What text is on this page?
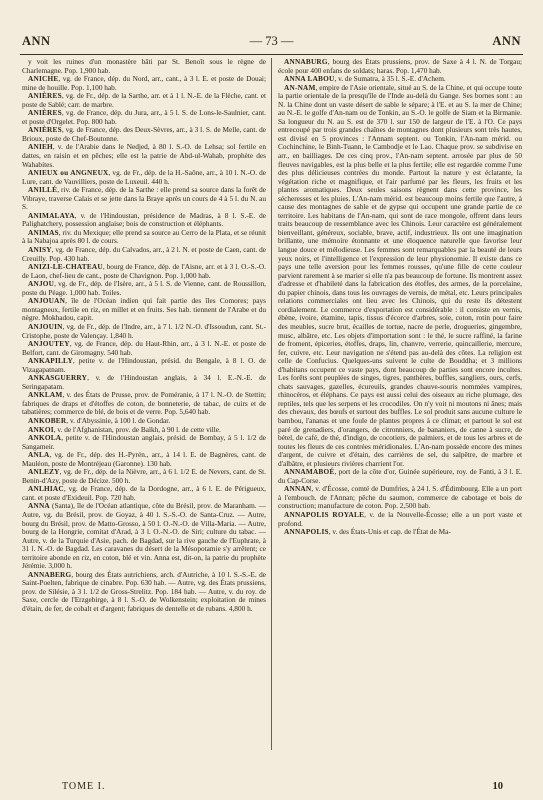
ANN	— 73 —	ANN

y voit les ruines d'un monastère bâti par St. Benoît sous le règne de Charlemagne. Pop. 1,900 hab.

ANICHE, vg. de France, dép. du Nord, arr., cant., à 3 l. E. et poste de Douai; mine de houille. Pop. 1,100 hab.

ANIÈRES, vg. de Fr., dép. de la Sarthe, arr. et à 1 l. N.-E. de la Flèche, cant. et poste de Sablé; carr. de marbre.

ANIÈRES, vg. de France, dép. du Jura, arr., à 5 l. S. de Lons-le-Saulnier, cant. et poste d'Orgelet. Pop. 800 hab.

ANIÈRES, vg. de France, dép. des Deux-Sèvres, arr., à 3 l. S. de Melle, cant. de Brioux, poste de Chef-Boutonne.

ANIEH, v. de l'Arabie dans le Nedjed, à 80 l. S.-O. de Lehsa; sol fertile en dattes, en raisin et en pêches; elle est la patrie de Abd-ul-Wahab, prophète des Wahabites.

ANIEUX ou ANGNEUX, vg. de Fr., dép. de la H.-Saône, arr., à 10 l. N.-O. de Lure, cant. de Vauvilliers, poste de Luxeuil. 440 h.

ANILLÉ, riv. de France, dép. de la Sarthe : elle prend sa source dans la forêt de Vibraye, traverse Calais et se jette dans la Braye après un cours de 4 à 5 l. du N. au S.

ANIMALAYA, v. de l'Hindoustan, présidence de Madras, à 8 l. S.-E. de Palighatchery, possession anglaise; bois de construction et éléphants.

ANIMAS, riv. du Mexique; elle prend sa source au Cerro de la Plata, et se réunit à la Nabajoa après 80 l. de cours.

ANISY, vg. de France, dép. du Calvados, arr., à 2 l. N. et poste de Caen, cant. de Creuilly. Pop. 430 hab.

ANIZI-LE-CHATEAU, bourg de France, dép. de l'Aisne, arr. et à 3 l. O.-S.-O. de Laon, chef-lieu de cant., poste de Chavignon. Pop. 1,000 hab.

ANJOU, vg. de Fr., dép. de l'Isère, arr., à 5 l. S. de Vienne, cant. de Roussillon, poste du Péage. 1,000 hab. Toiles.

ANJOUAN, île de l'Océan indien qui fait partie des îles Comores; pays montagneux, fertile en riz, en millet et en fruits. Ses hab. tiennent de l'Arabe et du nègre. Mokhadou, capit.

ANJOUIN, vg. de Fr., dép. de l'Indre, arr., à 7 l. 1/2 N.-O. d'Issoudun, cant. St.-Cristophe, poste de Valençay. 1,840 h.

ANJOUTEY, vg. de France, dép. du Haut-Rhin, arr., à 3 l. N.-E. et poste de Belfort, cant. de Giromagny. 540 hab.

ANKAPILLY, petite v. de l'Hindoustan, présid. du Bengale, à 8 l. O. de Vizagapatnam.

ANKASGUERRY, v. de l'Hindoustan anglais, à 34 l. E.-N.-E. de Seringapatam.

ANKLAM, v. des États de Prusse, prov. de Poméranie, à 17 l. N.-O. de Stettin; fabriques de draps et d'étoffes de coton, de bonneterie, de tabac, de cuirs et de tabatières; commerce de blé, de bois et de verre. Pop. 5,640 hab.

ANKOBER, v. d'Abyssinie, à 100 l. de Gondar.

ANKOI, v. de l'Afghanistan, prov. de Balkh, à 90 l. de cette ville.

ANKOLA, petite v. de l'Hindoustan anglais, présid. de Bombay, à 5 l. 1/2 de Sangameir.

ANLA, vg. de Fr., dép. des H.-Pyrén., arr., à 14 l. E. de Bagnères, cant. de Mauléon, poste de Montréjeau (Garonne). 130 hab.

ANLEZY, vg. de Fr., dép. de la Nièvre, arr., à 6 l. 1/2 E. de Nevers, cant. de St. Benin-d'Azy, poste de Décize. 500 h.

ANLHIAC, vg. de France, dép. de la Dordogne, arr., à 6 l. E. de Périgueux, cant. et poste d'Exideuil. Pop. 720 hab.

ANNA (Santa), île de l'Océan atlantique, côte du Brésil, prov. de Maranham. — Autre, vg. du Brésil, prov. de Goyaz, à 40 l. S.-S.-O. de Santa-Cruz. — Autre, bourg du Brésil, prov. de Matto-Grosso, à 50 l. O.-N.-O. de Villa-Maria. — Autre, bourg de la Hongrie, comitat d'Arad, à 3 l. O.-N.-O. de Siri; culture du tabac. — Autre, v. de la Turquie d'Asie, pach. de Bagdad, sur la rive gauche de l'Euphrate, à 31 l. N.-O. de Bagdad. Les caravanes du désert de la Mésopotamie s'y arrêtent; ce territoire abonde en riz, en coton, blé et vin. Anna est, dit-on, la patrie du prophète Jérémie. 3,000 h.

ANNABERG, bourg des États autrichiens, arch. d'Autriche, à 10 l. S.-S.-E. de Saint-Poelten, fabrique de cinabre. Pop. 630 hab. — Autre, vg. des États prussiens, prov. de Silésie, à 3 l. 1/2 de Gross-Strelitz. Pop. 184 hab. — Autre, v. du roy. de Saxe, cercle de l'Erzgebirge, à 8 l. S.-O. de Wolkenstein; exploitation de mines d'étain, de fer, de cobalt et d'argent; fabriques de dentelle et de rubans. 4,800 h.

ANNABURG, bourg des États prussiens, prov. de Saxe à 4 l. N. de Torgau; école pour 400 enfans de soldats; haras. Pop. 1,470 hab.

ANNA LABOU, v. de Sumatra, à 35 l. S.-E. d'Achem.

AN-NAM, empire de l'Asie orientale, situé au S. de la Chine, et qui occupe toute la partie orientale de la presqu'île de l'Inde au-delà du Gange. Ses bornes sont : au N. la Chine dont un vaste désert de sable le sépare; à l'E. et au S. la mer de Chine; au N.-E. le golfe d'An-nam ou de Tonkin, au S.-O. le golfe de Siam et la Birmanie. Sa longueur du N. au S. est de 370 l. sur 150 de largeur de l'E. à l'O. Ce pays entrecoupé par trois grandes chaînes de montagnes dont plusieurs sont très hautes, est divisé en 5 provinces : l'Annam septent. ou Tonkin, l'An-nam mérid. ou Cochinchine, le Binh-Tuann, le Cambodje et le Lao. Chaque prov. se subdivise en arr., en bailliages. De ces cinq prov., l'An-nam septent. arrosée par plus de 50 fleuves navigables, est la plus belle et la plus fertile; elle est regardée comme l'une des plus délicieuses contrées du monde. Partout la nature y est éclatante, la végétation riche et magnifique, et l'air parfumé par les fleurs, les fruits et les plantes aromatiques. Deux seules saisons règnent dans cette province, les sécheresses et les pluies. L'An-nam mérid. est beaucoup moins fertile que l'autre, à cause des montagnes de sable et de gypse qui occupent une grande partie de ce territoire. Les habitans de l'An-nam, qui sont de race mongole, offrent dans leurs traits beaucoup de ressemblance avec les Chinois. Leur caractère est généralement bienveillant, généreux, sociable, brave, actif, industrieux. Ils ont une imagination brillante, une mémoire étonnante et une éloquence naturelle que favorise leur langue douce et mélodieuse. Les femmes sont remarquables par la beauté de leurs yeux noirs, et l'intelligence et l'expression de leur physionomie. Il existe dans ce pays une telle aversion pour les femmes rousses, qu'une fille de cette couleur parvient rarement à se marier si elle n'a pas beaucoup de fortune. Ils montrent assez d'adresse et d'habileté dans la fabrication des étoffes, des armes, de la porcelaine, du papier chinois, dans tous les ouvrages de vernis, de métal, etc. Leurs principales relations commerciales ont lieu avec les Chinois, qui du reste ils détestent cordialement. Le commerce d'exportation est considérable : il consiste en vernis, ébène, ivoire, étamine, tapis, tissus d'écorce d'arbres, soie, coton, rotin pour faire des meubles, sucre brut, écailles de tortue, nacre de perle, drogueries, gingembre, musc, albâtre, etc. Les objets d'importation sont : le thé, le sucre raffiné, la farine de froment, épiceries, étoffes, draps, lin, chanvre, verrerie, quincaillerie, mercure, fer, cuivre, etc. Leur navigation ne s'étend pas au-delà des côtes. La religion est celle de Confucius. Quelques-uns suivent le culte de Bouddha; et 3 millions d'habitans occupent ce vaste pays, dont beaucoup de parties sont encore incultes. Les forêts sont peuplées de singes, tigres, panthères, buffles, sangliers, ours, cerfs, chats sauvages, gazelles, écureuils, grandes chauve-souris nommées vampires, rhinocéros, et éléphans. Ce pays est aussi celui des oiseaux au riche plumage, des reptiles, tels que les serpens et les crocodiles. On n'y voit ni moutons ni ânes; mais des chevaux, des bœufs et surtout des buffles. Le sol produit sans aucune culture le bambou, l'ananas et une foule de plantes propres à ce climat; et partout le sol est paré de grenadiers, d'orangers, de citronniers, de bananiers, de canne à sucre, de bétel, de café, de thé, d'indigo, de cocotiers, de palmiers, et de tous les arbres et de toutes les fleurs de ces contrées méridionales. L'An-nam possède encore des mines d'argent, de cuivre et d'étain, des carrières de sel, du salpêtre, de marbre et d'albâtre, et plusieurs rivières charrient l'or.

ANNAMABOÉ, port de la côte d'or, Guinée supérieure, roy. de Fanti, à 3 l. E. du Cap-Corse.

ANNAN, v. d'Écosse, comté de Dumfries, à 24 l. S. d'Édimbourg. Elle a un port à l'embouch. de l'Annan; pêche du saumon, commerce de cabotage et bois de construction; manufacture de coton. Pop. 2,500 hab.

ANNAPOLIS ROYALE, v. de la Nouvelle-Écosse; elle a un port vaste et profond.

ANNAPOLIS, v. des États-Unis et cap. de l'État de Ma-

TOME I.	10
